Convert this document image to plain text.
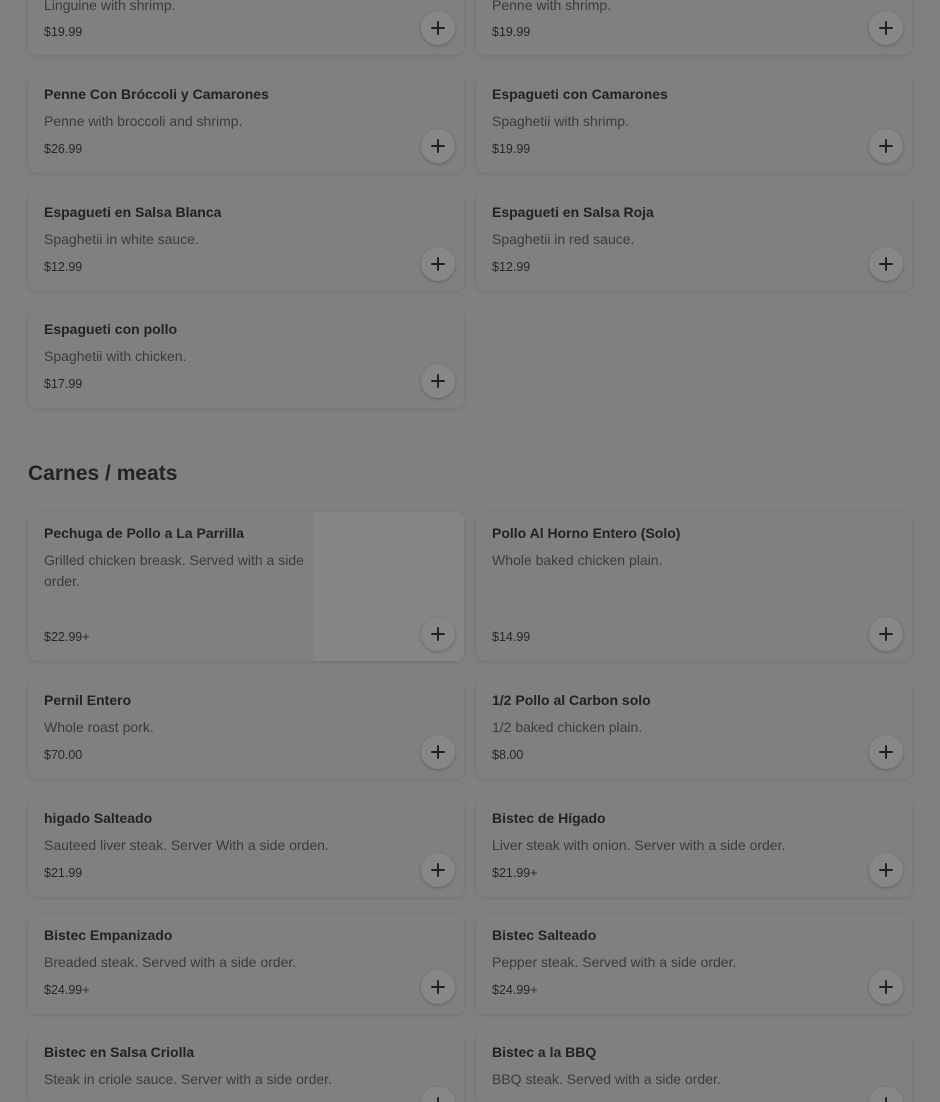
Linguine with shrimp.
$19.99
Penne with shrimp.
$19.99
Penne Con Bróccoli y Camarones
Penne with broccoli and shrimp.
$26.99
Espagueti con Camarones
Spaghetii with shrimp.
$19.99
Espagueti en Salsa Blanca
Spaghetii in white sauce.
$12.99
Espagueti en Salsa Roja
Spaghetii in red sauce.
$12.99
Espagueti con pollo
Spaghetii with chicken.
$17.99
Carnes / meats
Pechuga de Pollo a La Parrilla
Grilled chicken breask. Served with a side order.
$22.99+
Pollo Al Horno Entero (Solo)
Whole baked chicken plain.
$14.99
Pernil Entero
Whole roast pork.
$70.00
1/2 Pollo al Carbon solo
1/2 baked chicken plain.
$8.00
higado Salteado
Sauteed liver steak. Server With a side orden.
$21.99
Bistec de Hígado
Liver steak with onion. Server with a side order.
$21.99+
Bistec Empanizado
Breaded steak. Served with a side order.
$24.99+
Bistec Salteado
Pepper steak. Served with a side order.
$24.99+
Bistec en Salsa Criolla
Steak in criole sauce. Server with a side order.
Bistec a la BBQ
BBQ steak. Served with a side order.
